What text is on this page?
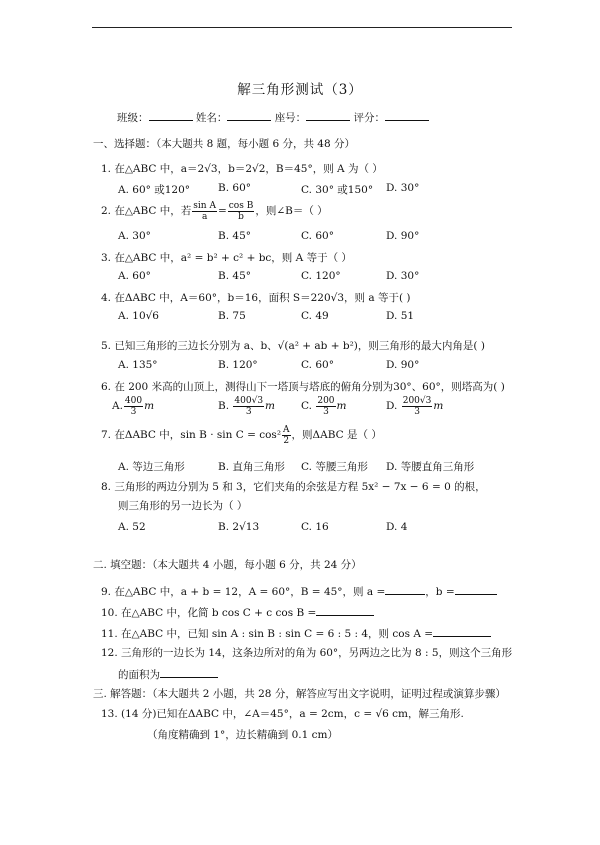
解三角形测试（3）
班级：	姓名：	座号：	评分：
一、选择题：（本大题共 8 题，每小题 6 分，共 48 分）
1. 在△ABC 中，a＝2√3，b＝2√2，B＝45°，则 A 为（ ）
A. 60° 或120°	B. 60°	C. 30° 或150° D. 30°
2. 在△ABC 中，若 $\frac{\text{sin A}}{a} = \frac{\text{cos B}}{b}$ ，则∠B＝（ ）
A. 30°	B. 45°	C. 60°	D. 90°
3. 在△ABC 中，a² = b² + c² + bc，则 A 等于（ ）
A. 60°	B. 45°	C. 120°	D. 30°
4. 在ΔABC 中，A＝60°，b＝16，面积 S＝220√3，则 a 等于( )
A. 10√6	B. 75	C. 49	D. 51
5. 已知三角形的三边长分别为 a、b、√(a² + ab + b²)，则三角形的最大内角是( )
A. 135°	B. 120°	C. 60°	D. 90°
6. 在 200 米高的山顶上，测得山下一塔顶与塔底的俯角分别为30°、60°，则塔高为( )
A. $\frac{400}{3}$ m	B. $\frac{400√3}{3}$ m C. $\frac{200}{3}$ m	D. $\frac{200√3}{3}$ m
7. 在ΔABC 中，$\sin B \cdot \sin C = \cos^2 \frac{A}{2}$ ，则ΔABC 是（ ）
A. 等边三角形	B. 直角三角形 C. 等腰三角形 D. 等腰直角三角形
8. 三角形的两边分别为 5 和 3，它们夹角的余弦是方程 5x² − 7x − 6 = 0 的根，
则三角形的另一边长为（ ）
A. 52	B. 2√13	C. 16	D. 4
二. 填空题：（本大题共 4 小题，每小题 6 分，共 24 分）
9. 在△ABC 中，a + b = 12，A = 60°，B = 45°，则 a =	，b =
10. 在△ABC 中，化简 b cos C + c cos B =
11. 在△ABC 中，已知 sin A : sin B : sin C = 6 : 5 : 4，则 cos A =
12. 三角形的一边长为 14，这条边所对的角为 60°，另两边之比为 8 : 5，则这个三角形
的面积为
三. 解答题：（本大题共 2 小题，共 28 分，解答应写出文字说明，证明过程或演算步骤）
13. (14 分)已知在ΔABC 中，∠A＝45°，a = 2cm，c = √6 cm，解三角形.
（角度精确到 1°，边长精确到 0.1 cm）
